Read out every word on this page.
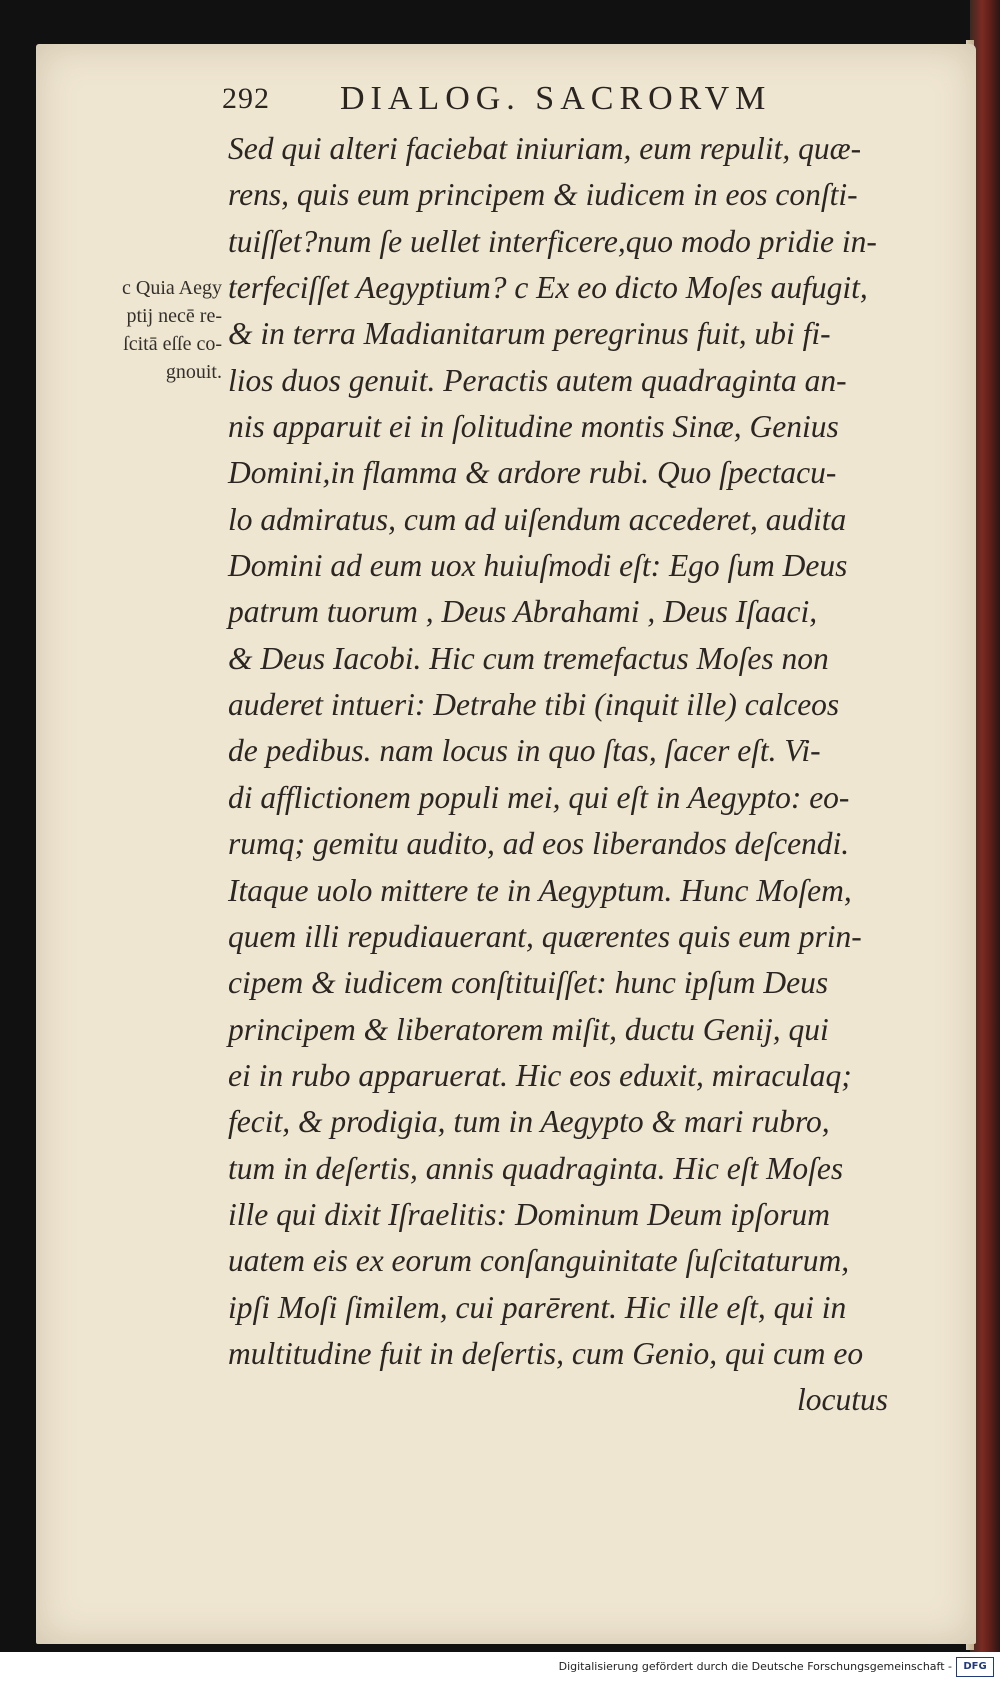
292 DIALOG. SACRORVM
c Quia Aegy
ptij necē re-
ſcitā eſſe co-
gnouit.
Sed qui alteri faciebat iniuriam, eum repulit, quæ-
rens, quis eum principem & iudicem in eos conſti-
tuiſſet?num ſe uellet interficere,quo modo pridie in-
terfeciſſet Aegyptium? c Ex eo dicto Moſes aufugit,
& in terra Madianitarum peregrinus fuit, ubi fi-
lios duos genuit. Peractis autem quadraginta an-
nis apparuit ei in ſolitudine montis Sinæ, Genius
Domini,in flamma & ardore rubi. Quo ſpectacu-
lo admiratus, cum ad uiſendum accederet, audita
Domini ad eum uox huiuſmodi eſt: Ego ſum Deus
patrum tuorum , Deus Abrahami , Deus Iſaaci,
& Deus Iacobi. Hic cum tremefactus Moſes non
auderet intueri: Detrahe tibi (inquit ille) calceos
de pedibus. nam locus in quo ſtas, ſacer eſt. Vi-
di afflictionem populi mei, qui eſt in Aegypto: eo-
rumq; gemitu audito, ad eos liberandos deſcendi.
Itaque uolo mittere te in Aegyptum. Hunc Moſem,
quem illi repudiauerant, quærentes quis eum prin-
cipem & iudicem conſtituiſſet: hunc ipſum Deus
principem & liberatorem miſit, ductu Genij, qui
ei in rubo apparuerat. Hic eos eduxit, miraculaq;
fecit, & prodigia, tum in Aegypto & mari rubro,
tum in deſertis, annis quadraginta. Hic eſt Moſes
ille qui dixit Iſraelitis: Dominum Deum ipſorum
uatem eis ex eorum conſanguinitate ſuſcitaturum,
ipſi Moſi ſimilem, cui parērent. Hic ille eſt, qui in
multitudine fuit in deſertis, cum Genio, qui cum eo
locutus
Digitalisierung gefördert durch die Deutsche Forschungsgemeinschaft -	DFG
